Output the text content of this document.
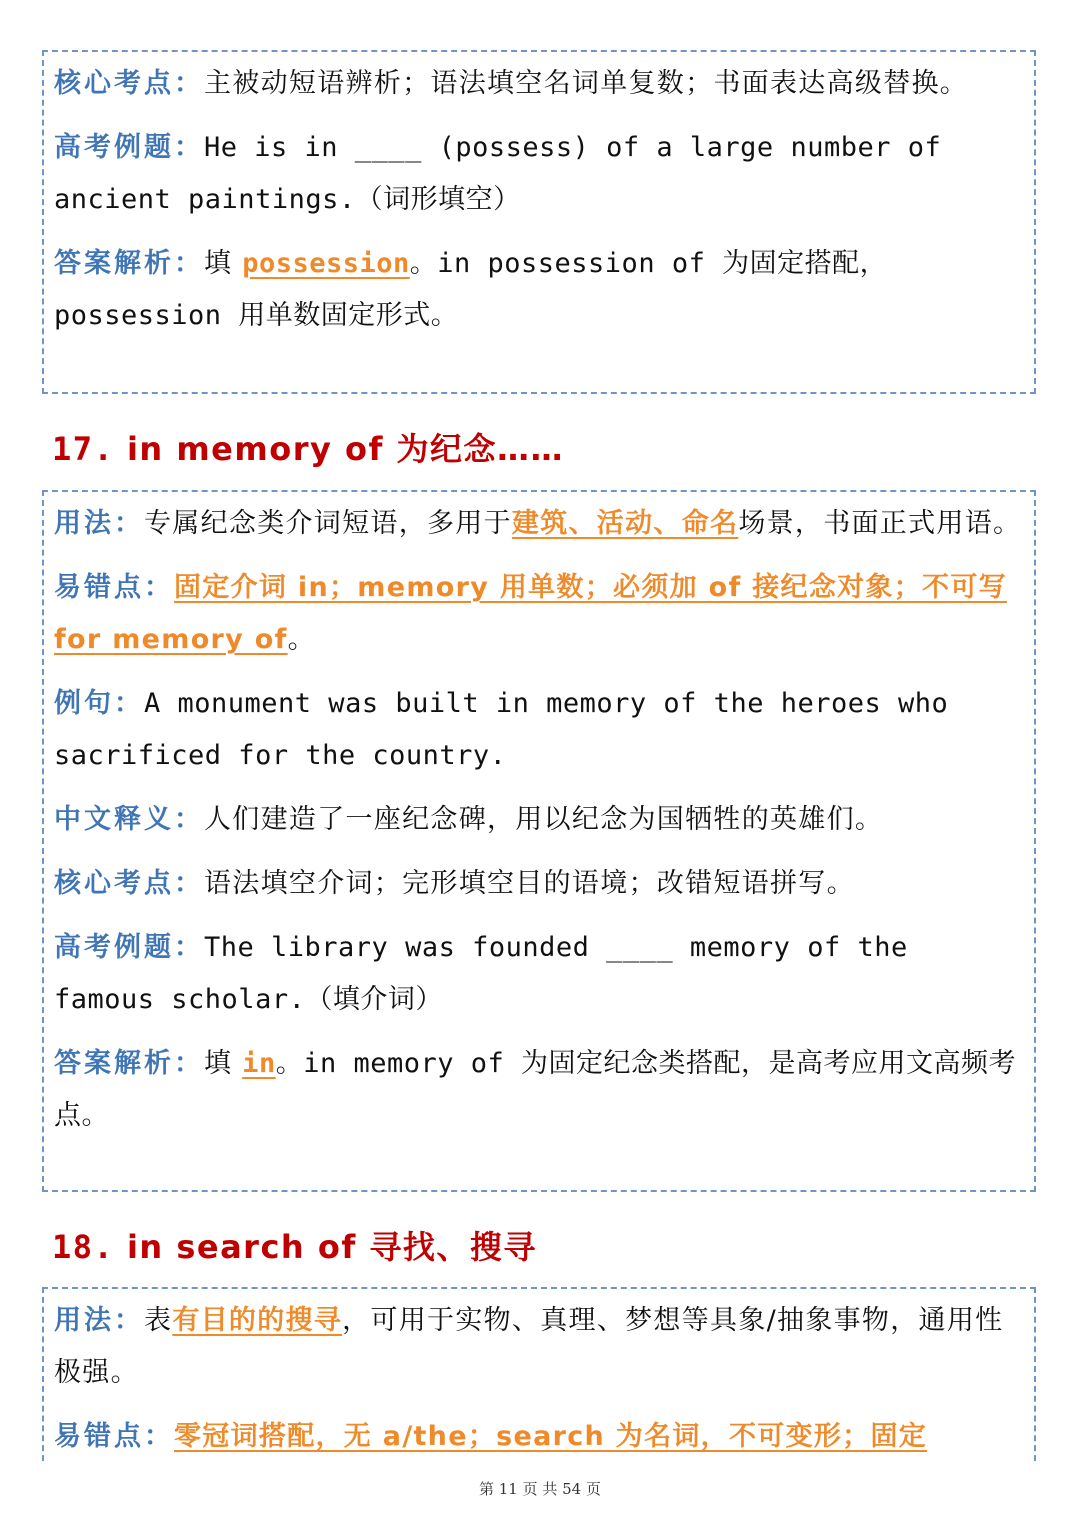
核心考点：主被动短语辨析；语法填空名词单复数；书面表达高级替换。
高考例题：He is in ____ (possess) of a large number of ancient paintings.（词形填空）
答案解析：填 possession。in possession of 为固定搭配，possession 用单数固定形式。
17. in memory of 为纪念……
用法：专属纪念类介词短语，多用于建筑、活动、命名场景，书面正式用语。
易错点：固定介词 in；memory 用单数；必须加 of 接纪念对象；不可写 for memory of。
例句：A monument was built in memory of the heroes who sacrificed for the country.
中文释义：人们建造了一座纪念碑，用以纪念为国牺牲的英雄们。
核心考点：语法填空介词；完形填空目的语境；改错短语拼写。
高考例题：The library was founded ____ memory of the famous scholar.（填介词）
答案解析：填 in。in memory of 为固定纪念类搭配，是高考应用文高频考点。
18. in search of 寻找、搜寻
用法：表有目的的搜寻，可用于实物、真理、梦想等具象/抽象事物，通用性极强。
易错点：零冠词搭配，无 a/the；search 为名词，不可变形；固定
第 11 页 共 54 页
